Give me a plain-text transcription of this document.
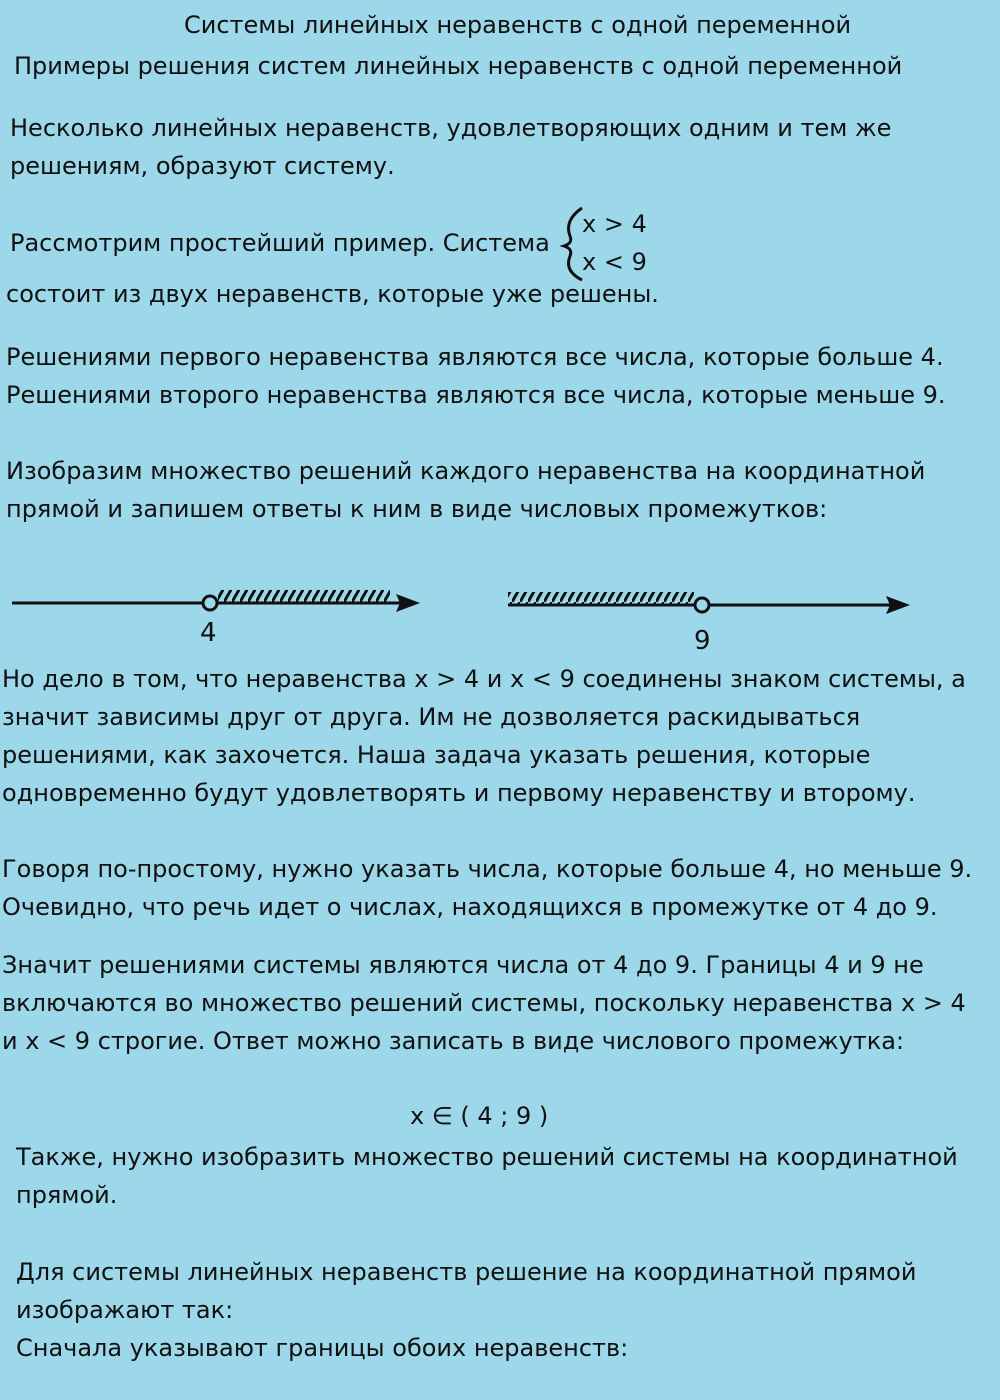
Системы линейных неравенств с одной переменной
Примеры решения систем линейных неравенств с одной переменной
Несколько линейных неравенств, удовлетворяющих одним и тем же
решениям, образуют систему.
Рассмотрим простейший пример. Система
x > 4
x < 9
состоит из двух неравенств, которые уже решены.
Решениями первого неравенства являются все числа, которые больше 4.
Решениями второго неравенства являются все числа, которые меньше 9.
Изобразим множество решений каждого неравенства на координатной
прямой и запишем ответы к ним в виде числовых промежутков:
4	9
Но дело в том, что неравенства x > 4 и x < 9 соединены знаком системы, а
значит зависимы друг от друга. Им не дозволяется раскидываться
решениями, как захочется. Наша задача указать решения, которые
одновременно будут удовлетворять и первому неравенству и второму.
Говоря по-простому, нужно указать числа, которые больше 4, но меньше 9.
Очевидно, что речь идет о числах, находящихся в промежутке от 4 до 9.
Значит решениями системы являются числа от 4 до 9. Границы 4 и 9 не
включаются во множество решений системы, поскольку неравенства x > 4
и x < 9 строгие. Ответ можно записать в виде числового промежутка:
x ∈ ( 4 ; 9 )
Также, нужно изобразить множество решений системы на координатной
прямой.
Для системы линейных неравенств решение на координатной прямой
изображают так:
Сначала указывают границы обоих неравенств:
